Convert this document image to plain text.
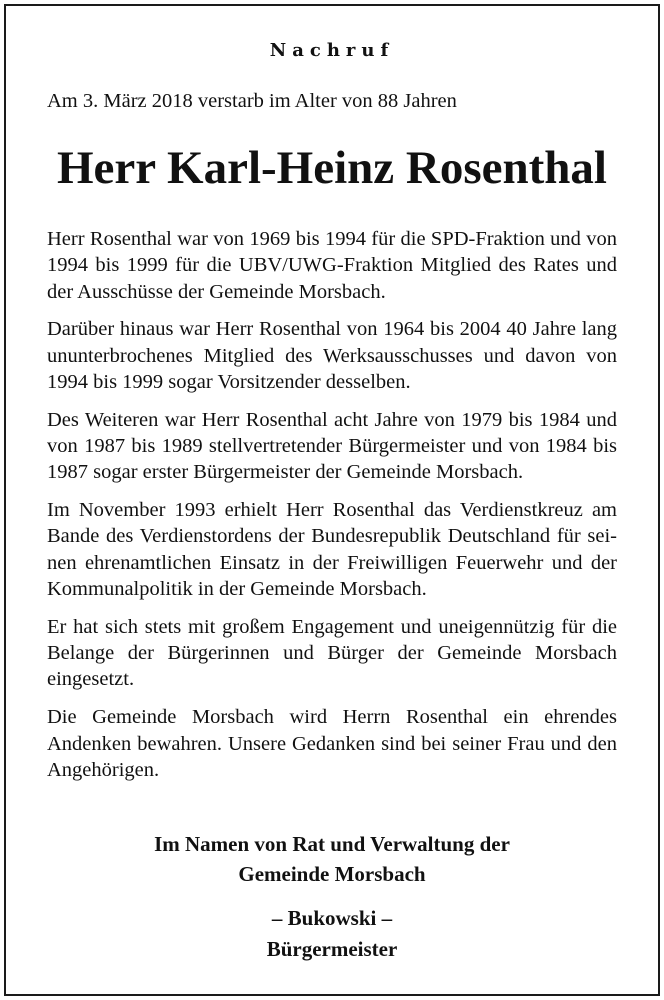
Nachruf

Am 3. März 2018 verstarb im Alter von 88 Jahren

Herr Karl-Heinz Rosenthal

Herr Rosenthal war von 1969 bis 1994 für die SPD-Fraktion und von 1994 bis 1999 für die UBV/UWG-Fraktion Mitglied des Rates und der Ausschüsse der Gemeinde Morsbach.

Darüber hinaus war Herr Rosenthal von 1964 bis 2004 40 Jahre lang ununterbrochenes Mitglied des Werksausschusses und davon von 1994 bis 1999 sogar Vorsitzender desselben.

Des Weiteren war Herr Rosenthal acht Jahre von 1979 bis 1984 und von 1987 bis 1989 stellvertretender Bürgermeister und von 1984 bis 1987 sogar erster Bürgermeister der Gemeinde Morsbach.

Im November 1993 erhielt Herr Rosenthal das Verdienstkreuz am Bande des Verdienstordens der Bundesrepublik Deutschland für seinen ehrenamtlichen Einsatz in der Freiwilligen Feuerwehr und der Kommunalpolitik in der Gemeinde Morsbach.

Er hat sich stets mit großem Engagement und uneigennützig für die Belange der Bürgerinnen und Bürger der Gemeinde Morsbach eingesetzt.

Die Gemeinde Morsbach wird Herrn Rosenthal ein ehrendes Andenken bewahren. Unsere Gedanken sind bei seiner Frau und den Angehörigen.

Im Namen von Rat und Verwaltung der

Gemeinde Morsbach

– Bukowski –

Bürgermeister
